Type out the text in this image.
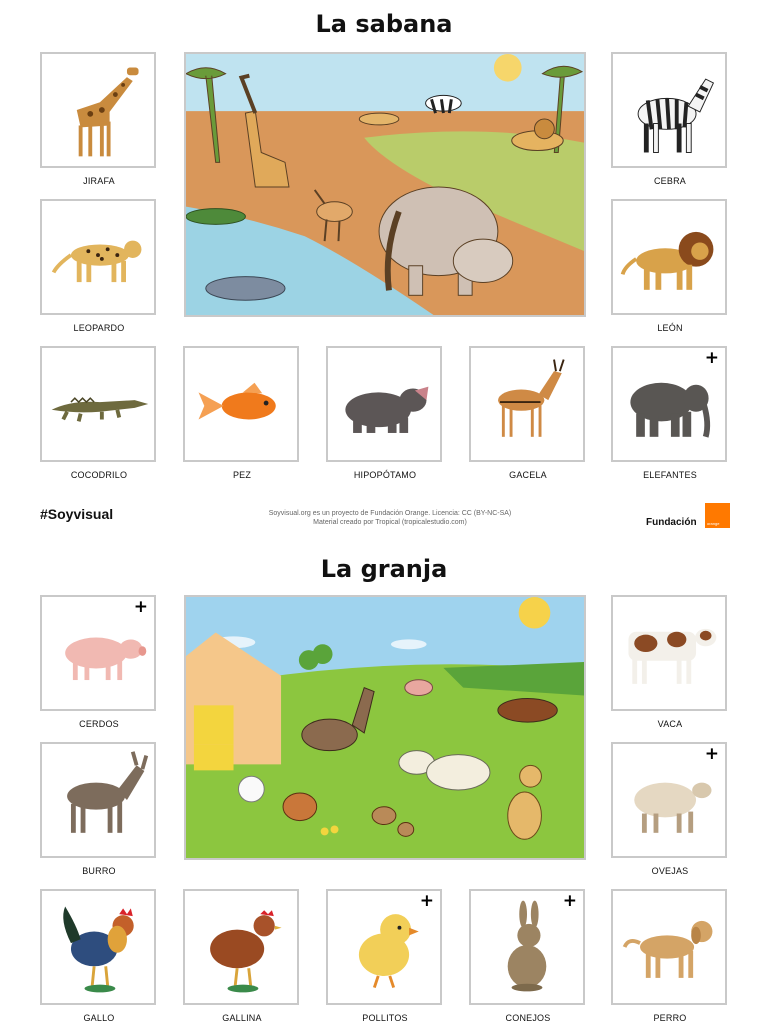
La sabana
JIRAFA	CEBRA
LEOPARDO	LEÓN
COCODRILO	PEZ	HIPOPÓTAMO	GACELA
+
ELEFANTES
#Soyvisual	Soyvisual.org es un proyecto de Fundación Orange. Licencia: CC (BY-NC-SA)
Material creado por Tropical (tropicalestudio.com)	Fundación	orange
La granja
+
CERDOS	VACA
BURRO
+
OVEJAS
GALLO	GALLINA
+
POLLITOS
+
CONEJOS	PERRO
